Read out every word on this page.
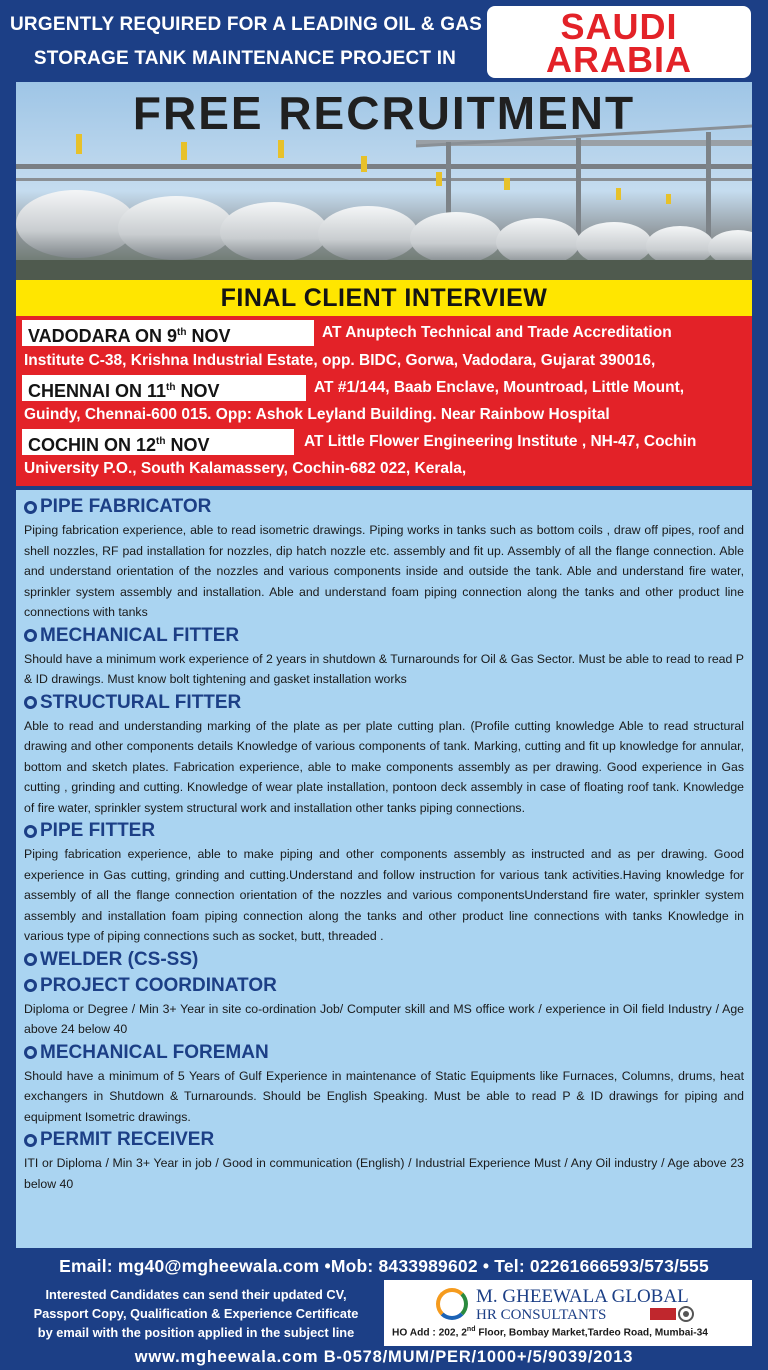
URGENTLY REQUIRED FOR A LEADING OIL & GAS
STORAGE TANK MAINTENANCE PROJECT IN
SAUDI
ARABIA
FREE RECRUITMENT
FINAL CLIENT INTERVIEW
VADODARA ON 9th NOV	AT Anuptech Technical and Trade Accreditation
Institute C-38, Krishna Industrial Estate, opp. BIDC, Gorwa, Vadodara, Gujarat 390016,
CHENNAI ON 11th NOV	AT #1/144, Baab Enclave, Mountroad, Little Mount,
Guindy, Chennai-600 015. Opp: Ashok Leyland Building. Near Rainbow Hospital
COCHIN ON 12th NOV	AT Little Flower Engineering Institute , NH-47, Cochin
University P.O., South Kalamassery, Cochin-682 022, Kerala,
PIPE FABRICATOR
Piping fabrication experience, able to read isometric drawings. Piping works in tanks such as bottom coils , draw off pipes, roof and shell nozzles, RF pad installation for nozzles, dip hatch nozzle etc. assembly and fit up. Assembly of all the flange connection. Able and understand orientation of the nozzles and various components inside and outside the tank. Able and understand fire water, sprinkler system assembly and installation. Able and understand foam piping connection along the tanks and other product line connections with tanks
MECHANICAL FITTER
Should have a minimum work experience of 2 years in shutdown & Turnarounds for Oil & Gas Sector. Must be able to read to read P & ID drawings. Must know bolt tightening and gasket installation works
STRUCTURAL FITTER
Able to read and understanding marking of the plate as per plate cutting plan. (Profile cutting knowledge Able to read structural drawing and other components details Knowledge of various components of tank. Marking, cutting and fit up knowledge for annular, bottom and sketch plates. Fabrication experience, able to make components assembly as per drawing. Good experience in Gas cutting , grinding and cutting. Knowledge of wear plate installation, pontoon deck assembly in case of floating roof tank. Knowledge of fire water, sprinkler system structural work and installation other tanks piping connections.
PIPE FITTER
Piping fabrication experience, able to make piping and other components assembly as instructed and as per drawing. Good experience in Gas cutting, grinding and cutting.Understand and follow instruction for various tank activities.Having knowledge for assembly of all the flange connection orientation of the nozzles and various componentsUnderstand fire water, sprinkler system assembly and installation foam piping connection along the tanks and other product line connections with tanks Knowledge in various type of piping connections such as socket, butt, threaded .
WELDER (CS-SS)
PROJECT COORDINATOR
Diploma or Degree / Min 3+ Year in site co-ordination Job/ Computer skill and MS office work / experience in Oil field Industry / Age above 24 below 40
MECHANICAL FOREMAN
Should have a minimum of 5 Years of Gulf Experience in maintenance of Static Equipments like Furnaces, Columns, drums, heat exchangers in Shutdown & Turnarounds. Should be English Speaking. Must be able to read P & ID drawings for piping and equipment Isometric drawings.
PERMIT RECEIVER
ITI or Diploma / Min 3+ Year in job / Good in communication (English) / Industrial Experience Must / Any Oil industry / Age above 23 below 40
Email: mg40@mgheewala.com •Mob: 8433989602 • Tel: 02261666593/573/555
Interested Candidates can send their updated CV,
Passport Copy, Qualification & Experience Certificate
by email with the position applied in the subject line
M. GHEEWALA GLOBAL
HR CONSULTANTS
HO Add : 202, 2nd Floor, Bombay Market,Tardeo Road, Mumbai-34
www.mgheewala.com B-0578/MUM/PER/1000+/5/9039/2013
